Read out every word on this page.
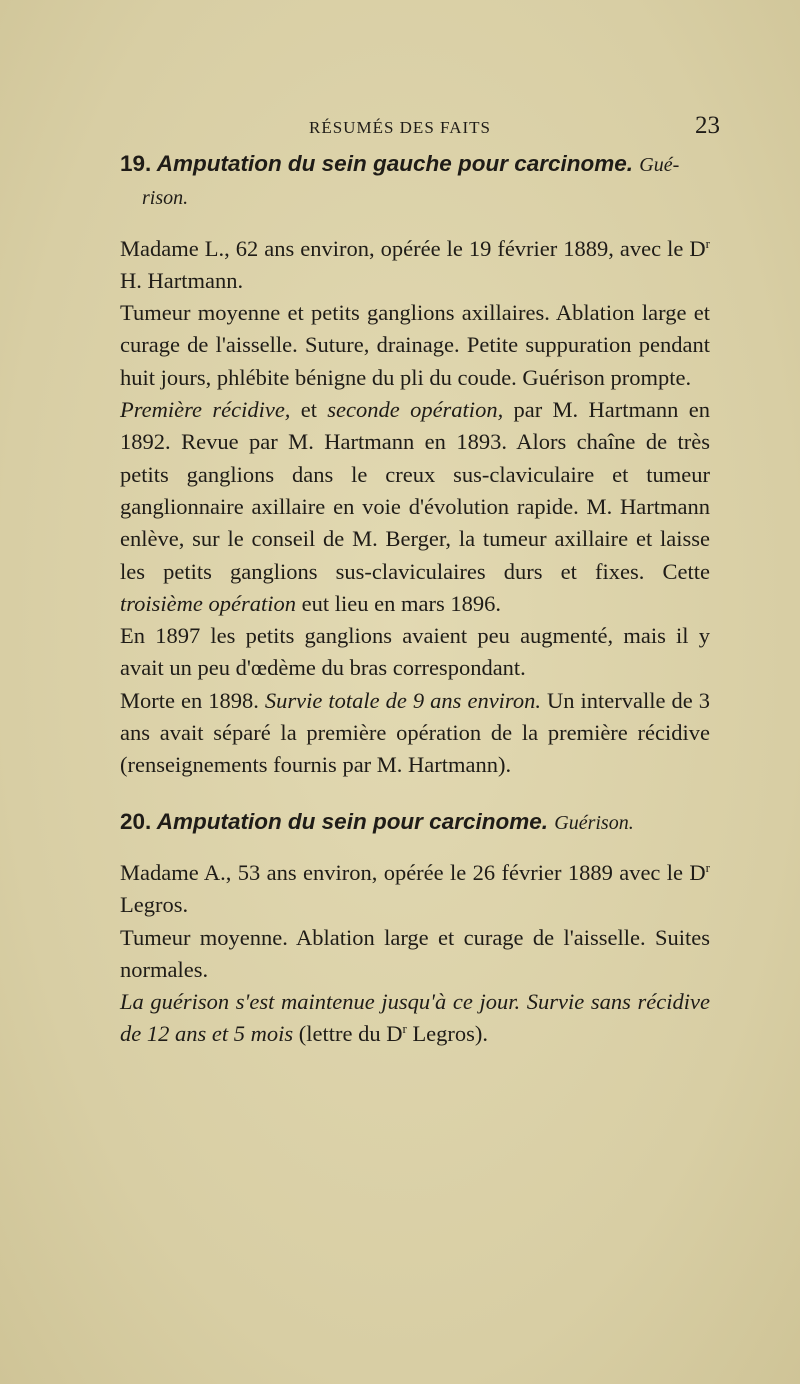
RÉSUMÉS DES FAITS	23

19. Amputation du sein gauche pour carcinome. Gué-
rison.

Madame L., 62 ans environ, opérée le 19 février 1889, avec le $D^r$ H. Hartmann.

Tumeur moyenne et petits ganglions axillaires. Ablation large et curage de l'aisselle. Suture, drainage. Petite suppuration pendant huit jours, phlébite bénigne du pli du coude. Guérison prompte.

Première récidive, et seconde opération, par M. Hartmann en 1892. Revue par M. Hartmann en 1893. Alors chaîne de très petits ganglions dans le creux sus-claviculaire et tumeur ganglionnaire axillaire en voie d'évolution rapide. M. Hartmann enlève, sur le conseil de M. Berger, la tumeur axillaire et laisse les petits ganglions sus-claviculaires durs et fixes. Cette troisième opération eut lieu en mars 1896.

En 1897 les petits ganglions avaient peu augmenté, mais il y avait un peu d'œdème du bras correspondant.

Morte en 1898. Survie totale de 9 ans environ. Un intervalle de 3 ans avait séparé la première opération de la première récidive (renseignements fournis par M. Hartmann).

20. Amputation du sein pour carcinome. Guérison.

Madame A., 53 ans environ, opérée le 26 février 1889 avec le $D^r$ Legros.

Tumeur moyenne. Ablation large et curage de l'aisselle. Suites normales.

La guérison s'est maintenue jusqu'à ce jour. Survie sans récidive de 12 ans et 5 mois (lettre du $D^r$ Legros).
